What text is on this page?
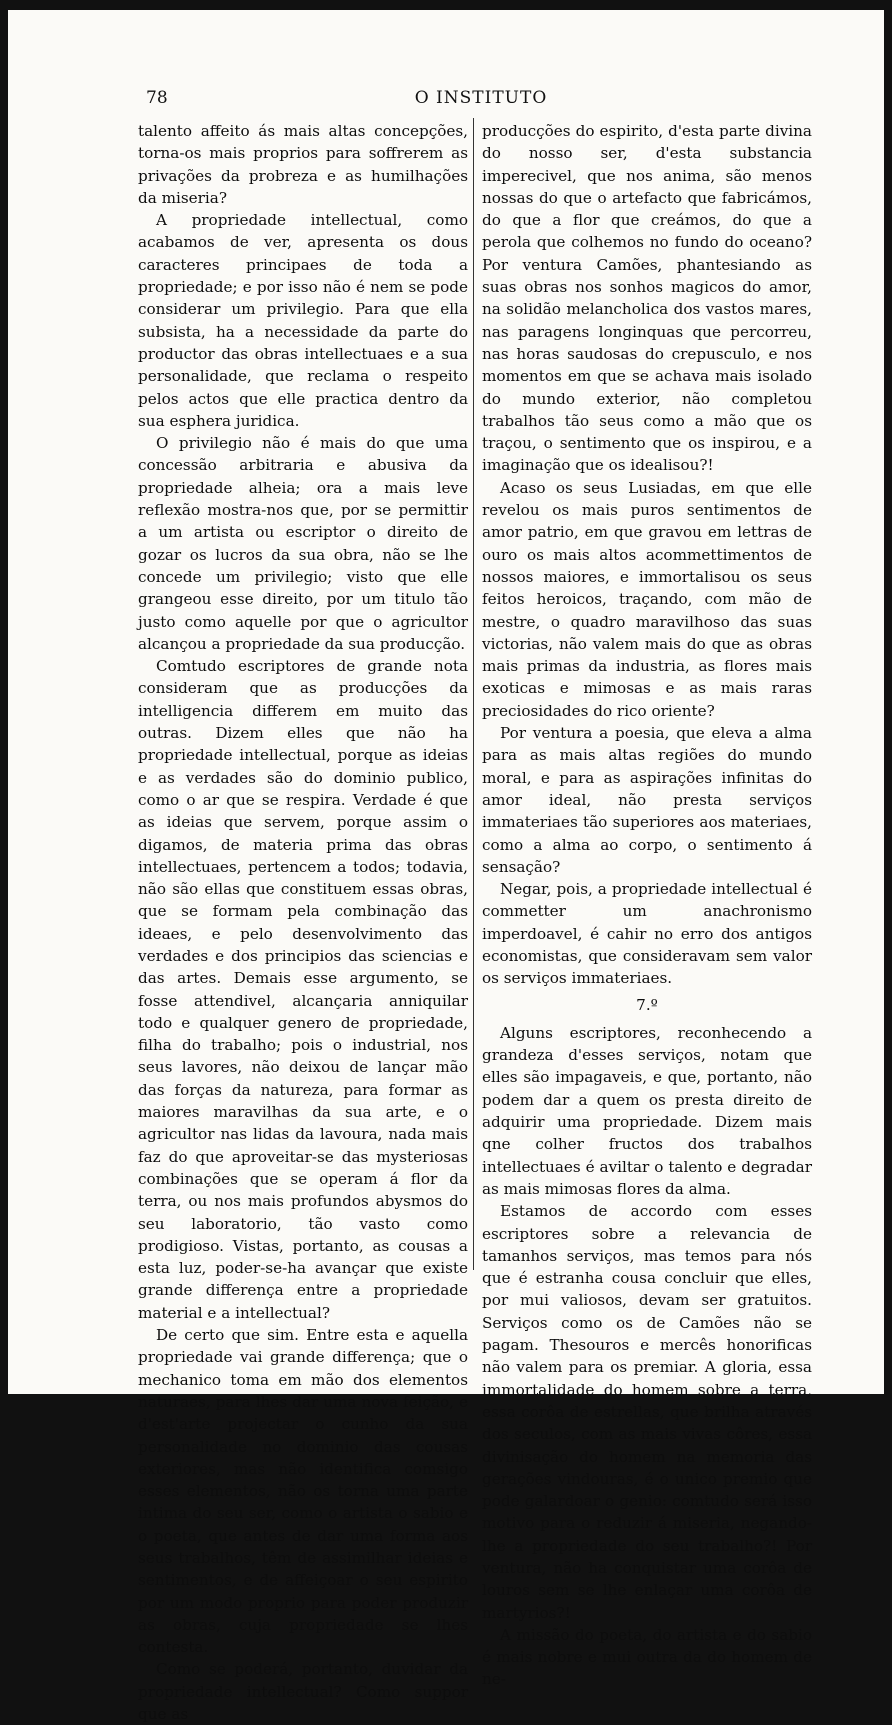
78	O INSTITUTO

talento affeito ás mais altas concepções, torna-os mais proprios para soffrerem as privações da probreza e as humilhações da miseria?

A propriedade intellectual, como acabamos de ver, apresenta os dous caracteres principaes de toda a propriedade; e por isso não é nem se pode considerar um privilegio. Para que ella subsista, ha a necessidade da parte do productor das obras intellectuaes e a sua personalidade, que reclama o respeito pelos actos que elle practica dentro da sua esphera juridica.

O privilegio não é mais do que uma concessão arbitraria e abusiva da propriedade alheia; ora a mais leve reflexão mostra-nos que, por se permittir a um artista ou escriptor o direito de gozar os lucros da sua obra, não se lhe concede um privilegio; visto que elle grangeou esse direito, por um titulo tão justo como aquelle por que o agricultor alcançou a propriedade da sua producção.

Comtudo escriptores de grande nota consideram que as producções da intelligencia differem em muito das outras. Dizem elles que não ha propriedade intellectual, porque as ideias e as verdades são do dominio publico, como o ar que se respira. Verdade é que as ideias que servem, porque assim o digamos, de materia prima das obras intellectuaes, pertencem a todos; todavia, não são ellas que constituem essas obras, que se formam pela combinação das ideaes, e pelo desenvolvimento das verdades e dos principios das sciencias e das artes. Demais esse argumento, se fosse attendivel, alcançaria anniquilar todo e qualquer genero de propriedade, filha do trabalho; pois o industrial, nos seus lavores, não deixou de lançar mão das forças da natureza, para formar as maiores maravilhas da sua arte, e o agricultor nas lidas da lavoura, nada mais faz do que aproveitar-se das mysteriosas combinações que se operam á flor da terra, ou nos mais profundos abysmos do seu laboratorio, tão vasto como prodigioso. Vistas, portanto, as cousas a esta luz, poder-se-ha avançar que existe grande differença entre a propriedade material e a intellectual?

De certo que sim. Entre esta e aquella propriedade vai grande differença; que o mechanico toma em mão dos elementos naturaes, para lhes dar uma nova feição, e d'est'arte projectar o cunho da sua personalidade no dominio das cousas exteriores, mas não identifica comsigo esses elementos, não os torna uma parte intima do seu ser, como o artista o sabio e o poeta, que antes de dar uma forma aos seus trabalhos, têm de assimilhar ideias e sentimentos, e de affeiçoar o seu espirito por um modo proprio para poder produzir as obras, cuja propriedade se lhes contesta.

Como se poderá, portanto, duvidar da propriedade intellectual? Como suppor que as

producções do espirito, d'esta parte divina do nosso ser, d'esta substancia imperecivel, que nos anima, são menos nossas do que o artefacto que fabricámos, do que a flor que creámos, do que a perola que colhemos no fundo do oceano? Por ventura Camões, phantesiando as suas obras nos sonhos magicos do amor, na solidão melancholica dos vastos mares, nas paragens longinquas que percorreu, nas horas saudosas do crepusculo, e nos momentos em que se achava mais isolado do mundo exterior, não completou trabalhos tão seus como a mão que os traçou, o sentimento que os inspirou, e a imaginação que os idealisou?!

Acaso os seus Lusiadas, em que elle revelou os mais puros sentimentos de amor patrio, em que gravou em lettras de ouro os mais altos acommettimentos de nossos maiores, e immortalisou os seus feitos heroicos, traçando, com mão de mestre, o quadro maravilhoso das suas victorias, não valem mais do que as obras mais primas da industria, as flores mais exoticas e mimosas e as mais raras preciosidades do rico oriente?

Por ventura a poesia, que eleva a alma para as mais altas regiões do mundo moral, e para as aspirações infinitas do amor ideal, não presta serviços immateriaes tão superiores aos materiaes, como a alma ao corpo, o sentimento á sensação?

Negar, pois, a propriedade intellectual é commetter um anachronismo imperdoavel, é cahir no erro dos antigos economistas, que consideravam sem valor os serviços immateriaes.

7.º

Alguns escriptores, reconhecendo a grandeza d'esses serviços, notam que elles são impagaveis, e que, portanto, não podem dar a quem os presta direito de adquirir uma propriedade. Dizem mais qne colher fructos dos trabalhos intellectuaes é aviltar o talento e degradar as mais mimosas flores da alma.

Estamos de accordo com esses escriptores sobre a relevancia de tamanhos serviços, mas temos para nós que é estranha cousa concluir que elles, por mui valiosos, devam ser gratuitos. Serviços como os de Camões não se pagam. Thesouros e mercês honorificas não valem para os premiar. A gloria, essa immortalidade do homem sobre a terra, essa corôa de estrellas, que brilha através dos seculos, com as mais vivas côres, essa divinisação do homem na memoria das gerações vindouras, é o unico premio que pode galardoar o genio: comtudo será isso motivo para o reduzir á miseria, negando-lhe a propriedade do seu trabalho?! Por ventura, não ha conquistar uma corôa de louros sem se lhe enlaçar uma corôa de martyrios?!

A missão do poeta, do artista e do sabio é mais nobre e mui outra da do homem de ne-
